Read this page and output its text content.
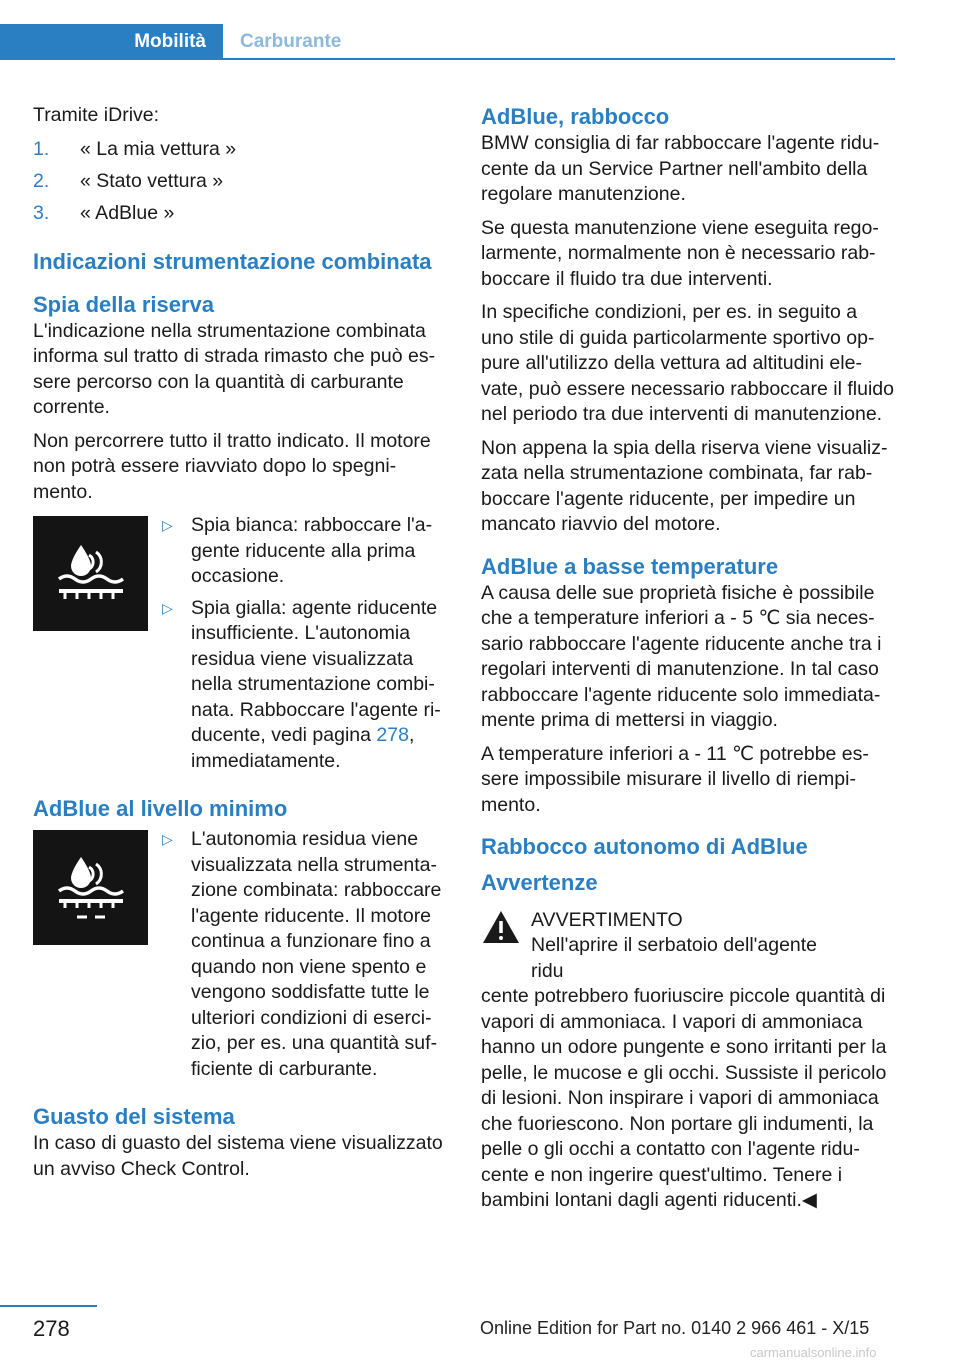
Mobilità	Carburante

Tramite iDrive:

1. « La mia vettura »
2. « Stato vettura »
3. « AdBlue »
Indicazioni strumentazione combinata
Spia della riserva

L'indicazione nella strumentazione combinata informa sul tratto di strada rimasto che può essere percorso con la quantità di carburante corrente.

Non percorrere tutto il tratto indicato. Il motore non potrà essere riavviato dopo lo spegnimento.

▷ Spia bianca: rabboccare l'agente riducente alla prima occasione.
▷ Spia gialla: agente riducente insufficiente. L'autonomia residua viene visualizzata nella strumentazione combinata. Rabboccare l'agente riducente, vedi pagina 278, immediatamente.
AdBlue al livello minimo
▷ L'autonomia residua viene visualizzata nella strumentazione combinata: rabboccare l'agente riducente. Il motore continua a funzionare fino a quando non viene spento e vengono soddisfatte tutte le ulteriori condizioni di esercizio, per es. una quantità sufficiente di carburante.
Guasto del sistema

In caso di guasto del sistema viene visualizzato un avviso Check Control.

AdBlue, rabbocco

BMW consiglia di far rabboccare l'agente riducente da un Service Partner nell'ambito della regolare manutenzione.

Se questa manutenzione viene eseguita regolarmente, normalmente non è necessario rabboccare il fluido tra due interventi.

In specifiche condizioni, per es. in seguito a uno stile di guida particolarmente sportivo oppure all'utilizzo della vettura ad altitudini elevate, può essere necessario rabboccare il fluido nel periodo tra due interventi di manutenzione.

Non appena la spia della riserva viene visualizzata nella strumentazione combinata, far rabboccare l'agente riducente, per impedire un mancato riavvio del motore.

AdBlue a basse temperature

A causa delle sue proprietà fisiche è possibile che a temperature inferiori a - 5 ℃ sia necessario rabboccare l'agente riducente anche tra i regolari interventi di manutenzione. In tal caso rabboccare l'agente riducente solo immediatamente prima di mettersi in viaggio.

A temperature inferiori a - 11 ℃ potrebbe essere impossibile misurare il livello di riempimento.

Rabbocco autonomo di AdBlue
Avvertenze
AVVERTIMENTO
Nell'aprire il serbatoio dell'agente ridu

cente potrebbero fuoriuscire piccole quantità di vapori di ammoniaca. I vapori di ammoniaca hanno un odore pungente e sono irritanti per la pelle, le mucose e gli occhi. Sussiste il pericolo di lesioni. Non inspirare i vapori di ammoniaca che fuoriescono. Non portare gli indumenti, la pelle o gli occhi a contatto con l'agente riducente e non ingerire quest'ultimo. Tenere i bambini lontani dagli agenti riducenti.◀

278	Online Edition for Part no. 0140 2 966 461 - X/15
carmanualsonline.info
